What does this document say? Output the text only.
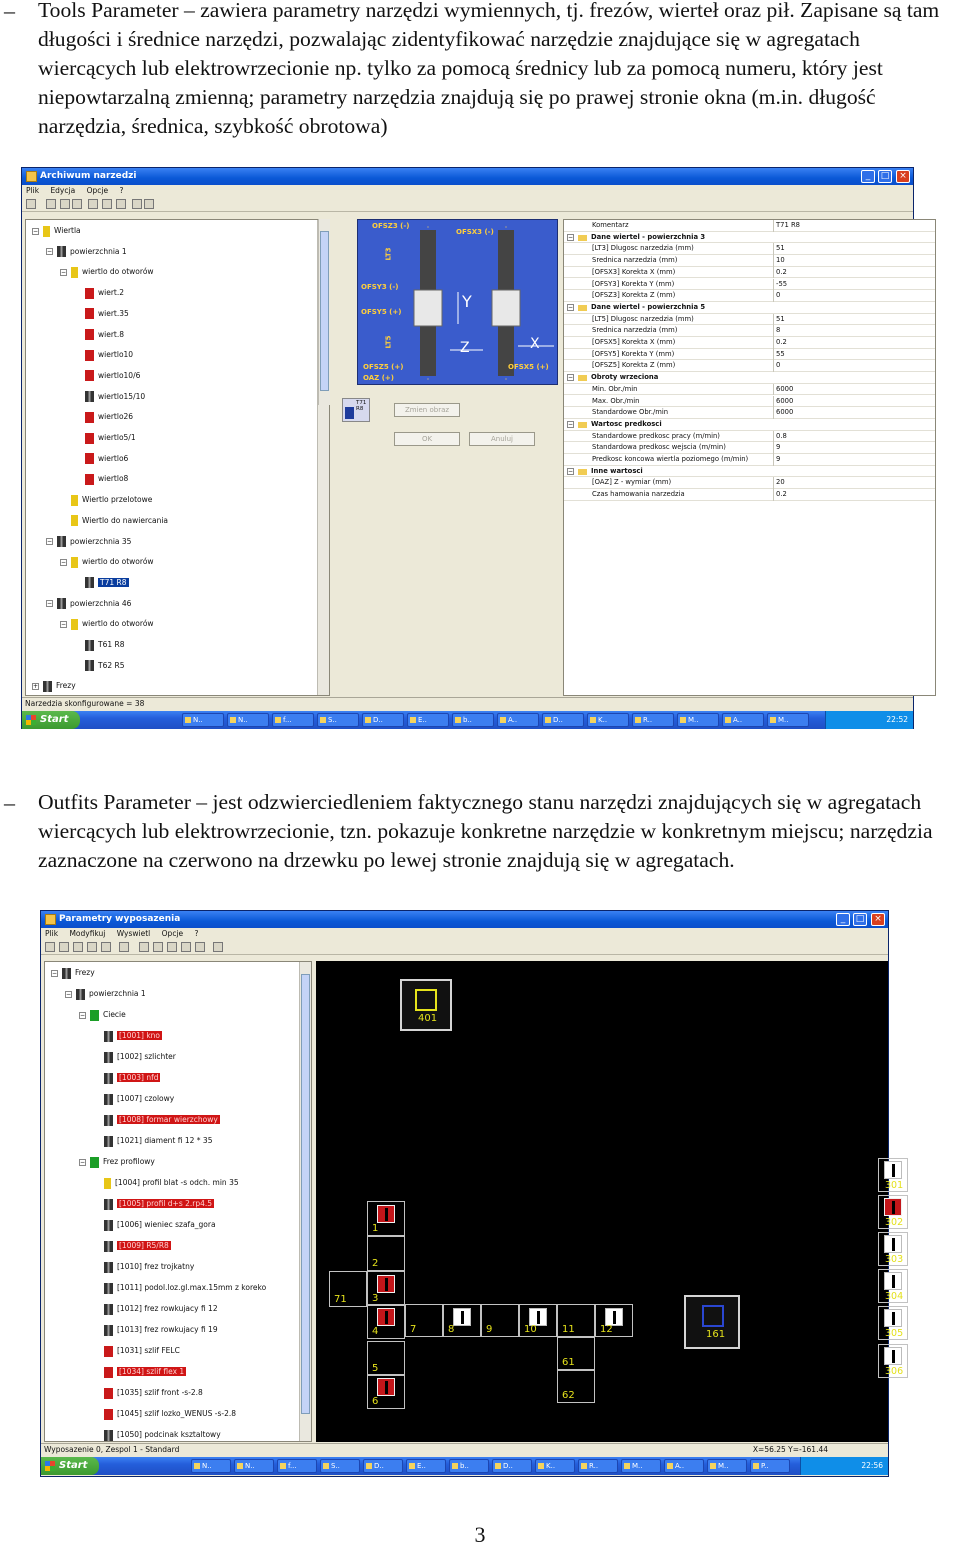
– Tools Parameter – zawiera parametry narzędzi wymiennych, tj. frezów, wierteł oraz pił. Zapisane są tam długości i średnice narzędzi, pozwalając zidentyfikować narzędzie znajdujące się w agregatach wiercących lub elektrowrzecionie np. tylko za pomocą średnicy lub za pomocą numeru, który jest niepowtarzalną zmienną; parametry narzędzia znajdują się po prawej stronie okna (m.in. długość narzędzia, średnica, szybkość obrotowa)
Archiwum narzedzi	_	□	×
Plik Edycja Opcje ?
− Wiertla
− powierzchnia 1
− wiertlo do otworów
wiert.2
wiert.35
wiert.8
wiertlo10
wiertlo10/6
wiertlo15/10
wiertlo26
wiertlo5/1
wiertlo6
wiertlo8
Wiertlo przelotowe
Wiertlo do nawiercania
− powierzchnia 35
− wiertlo do otworów
T71 R8
− powierzchnia 46
− wiertlo do otworów
T61 R8
T62 R5
+ Frezy
OFSZ3 (-)
OFSX3 (-)
LT3
OFSY3 (-)
OFSY5 (+)
LT5
OFSZ5 (+)
OAZ (+)
OFSX5 (+)
Y
Z	X
T71 R8	Zmien obraz
OK	Anuluj
Komentarz	T71 R8
−	Dane wiertel - powierzchnia 3
[LT3] Dlugosc narzedzia (mm)	51
Srednica narzedzia (mm)	10
[OFSX3] Korekta X (mm)	0.2
[OFSY3] Korekta Y (mm)	-55
[OFSZ3] Korekta Z (mm)	0
−	Dane wiertel - powierzchnia 5
[LT5] Dlugosc narzedzia (mm)	51
Srednica narzedzia (mm)	8
[OFSX5] Korekta X (mm)	0.2
[OFSY5] Korekta Y (mm)	55
[OFSZ5] Korekta Z (mm)	0
−	Obroty wrzeciona
Min. Obr./min	6000
Max. Obr./min	6000
Standardowe Obr./min	6000
−	Wartosc predkosci
Standardowe predkosc pracy (m/min)	0.8
Standardowa predkosc wejscia (m/min)	9
Predkosc koncowa wiertla poziomego (m/min)	9
−	Inne wartosci
[OAZ] Z - wymiar (mm)	20
Czas hamowania narzedzia	0.2
Narzedzia skonfigurowane = 38
Start	N..	N..	f...	S..	D..	E..	b..	A..	D..	K..	R..	M..	A..	M..	22:52
– Outfits Parameter – jest odzwierciedleniem faktycznego stanu narzędzi znajdujących się w agregatach wiercących lub elektrowrzecionie, tzn. pokazuje konkretne narzędzie w konkretnym miejscu; narzędzia zaznaczone na czerwono na drzewku po lewej stronie znajdują się w agregatach.
Parametry wyposazenia	_	□	×
Plik Modyfikuj Wyswietl Opcje ?
− Frezy
− powierzchnia 1
− Ciecie
[1001] kno
[1002] szlichter
[1003] nfd
[1007] czolowy
[1008] formar wierzchowy
[1021] diament fi 12 * 35
− Frez profilowy
[1004] profil blat -s odch. min 35
[1005] profil d+s 2.rp4.5
[1006] wieniec szafa_gora
[1009] R5/R8
[1010] frez trojkatny
[1011] podol.loz.gl.max.15mm z koreko
[1012] frez rowkujacy fi 12
[1013] frez rowkujacy fi 19
[1031] szlif FELC
[1034] szlif flex 1
[1035] szlif front -s-2.8
[1045] szlif lozko_WENUS -s-2.8
[1050] podcinak ksztaltowy
401
161
71
1
2
3
4
5
6
7	8	9	10	11	12
61
62
301
302
303
304
305
306
Wyposazenie 0, Zespol 1 - Standard	X=56.25 Y=-161.44
Start	N..	N..	f...	S..	D..	E..	b..	D..	K..	R..	M..	A..	M..	P..	22:56
3
